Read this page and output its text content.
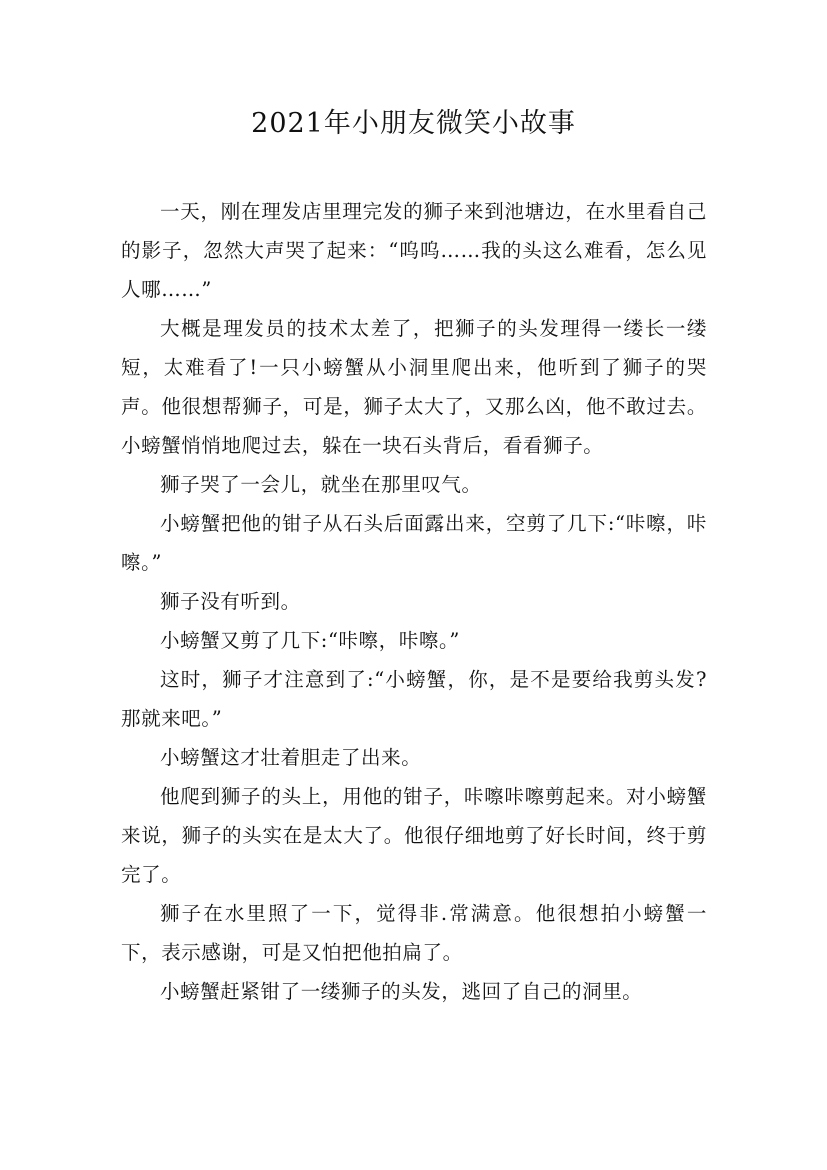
2021年小朋友微笑小故事

一天，刚在理发店里理完发的狮子来到池塘边，在水里看自己的影子，忽然大声哭了起来：“呜呜……我的头这么难看，怎么见人哪……”

大概是理发员的技术太差了，把狮子的头发理得一缕长一缕短，太难看了!一只小螃蟹从小洞里爬出来，他听到了狮子的哭声。他很想帮狮子，可是，狮子太大了，又那么凶，他不敢过去。小螃蟹悄悄地爬过去，躲在一块石头背后，看看狮子。

狮子哭了一会儿，就坐在那里叹气。

小螃蟹把他的钳子从石头后面露出来，空剪了几下:“咔嚓，咔嚓。”

狮子没有听到。

小螃蟹又剪了几下:“咔嚓，咔嚓。”

这时，狮子才注意到了:“小螃蟹，你，是不是要给我剪头发?那就来吧。”

小螃蟹这才壮着胆走了出来。

他爬到狮子的头上，用他的钳子，咔嚓咔嚓剪起来。对小螃蟹来说，狮子的头实在是太大了。他很仔细地剪了好长时间，终于剪完了。

狮子在水里照了一下，觉得非.常满意。他很想拍小螃蟹一下，表示感谢，可是又怕把他拍扁了。

小螃蟹赶紧钳了一缕狮子的头发，逃回了自己的洞里。
